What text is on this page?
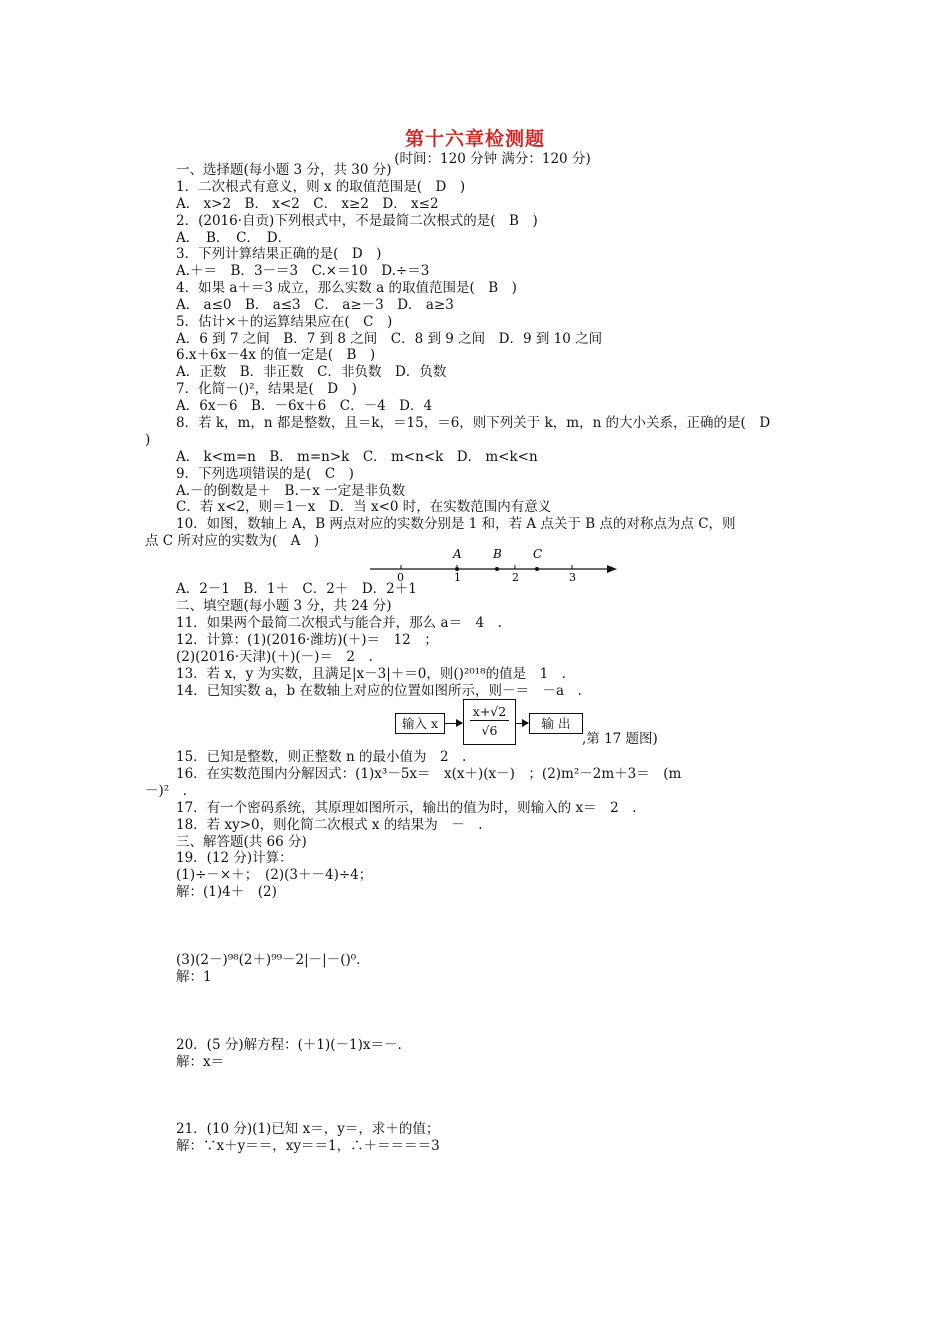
第十六章检测题
(时间：120 分钟 满分：120 分)
一、选择题(每小题 3 分，共 30 分)
1．二次根式有意义，则 x 的取值范围是(　D　)
A． x>2　B． x<2　C． x≥2　D． x≤2
2．(2016·自贡)下列根式中，不是最简二次根式的是(　B　)
A．　B．　C．　D．
3．下列计算结果正确的是(　D　)
A.＋＝　B．3－＝3　C.×＝10　D.÷＝3
4．如果 a＋＝3 成立，那么实数 a 的取值范围是(　B　)
A． a≤0　B． a≤3　C． a≥－3　D． a≥3
5．估计×＋的运算结果应在(　C　)
A．6 到 7 之间　B．7 到 8 之间　C．8 到 9 之间　D．9 到 10 之间
6.x＋6x－4x 的值一定是(　B　)
A．正数　B．非正数　C．非负数　D．负数
7．化简－()²，结果是(　D　)
A．6x－6　B．－6x＋6　C．－4　D．4
8．若 k，m，n 都是整数，且＝k，＝15，＝6，则下列关于 k，m，n 的大小关系，正确的是(　D
)
A． k<m=n　B． m=n>k　C． m<n<k　D． m<k<n
9．下列选项错误的是(　C　)
A.－的倒数是＋　B.－x 一定是非负数
C．若 x<2，则＝1－x　D．当 x<0 时，在实数范围内有意义
10．如图，数轴上 A，B 两点对应的实数分别是 1 和，若 A 点关于 B 点的对称点为点 C，则
点 C 所对应的实数为(　A　)
A	B	C
0	1	2	3
A．2－1　B．1＋　C．2＋　D．2＋1
二、填空题(每小题 3 分，共 24 分)
11．如果两个最简二次根式与能合并，那么 a＝　4　.
12．计算：(1)(2016·潍坊)(＋)＝　12　；
(2)(2016·天津)(＋)(－)＝　2　.
13．若 x，y 为实数，且满足|x－3|＋＝0，则()²⁰¹⁸的值是　1　.
14．已知实数 a，b 在数轴上对应的位置如图所示，则－＝　－a　.
输入 x	$\frac{x+√2}{√6}$	输 出
,第 17 题图)
15．已知是整数，则正整数 n 的最小值为　2　.
16．在实数范围内分解因式：(1)x³－5x＝　x(x＋)(x－)　；(2)m²－2m＋3＝　(m
－)²　.
17．有一个密码系统，其原理如图所示，输出的值为时，则输入的 x＝　2　.
18．若 xy>0，则化简二次根式 x 的结果为　－　.
三、解答题(共 66 分)
19．(12 分)计算：
(1)÷－×＋；　(2)(3＋－4)÷4；
解：(1)4＋　(2)
(3)(2－)⁹⁸(2＋)⁹⁹－2|－|－()⁰.
解：1
20．(5 分)解方程：(＋1)(－1)x＝－.
解：x＝
21．(10 分)(1)已知 x＝，y＝，求＋的值；
解：∵x＋y＝＝，xy＝＝1，∴＋＝＝＝＝3
